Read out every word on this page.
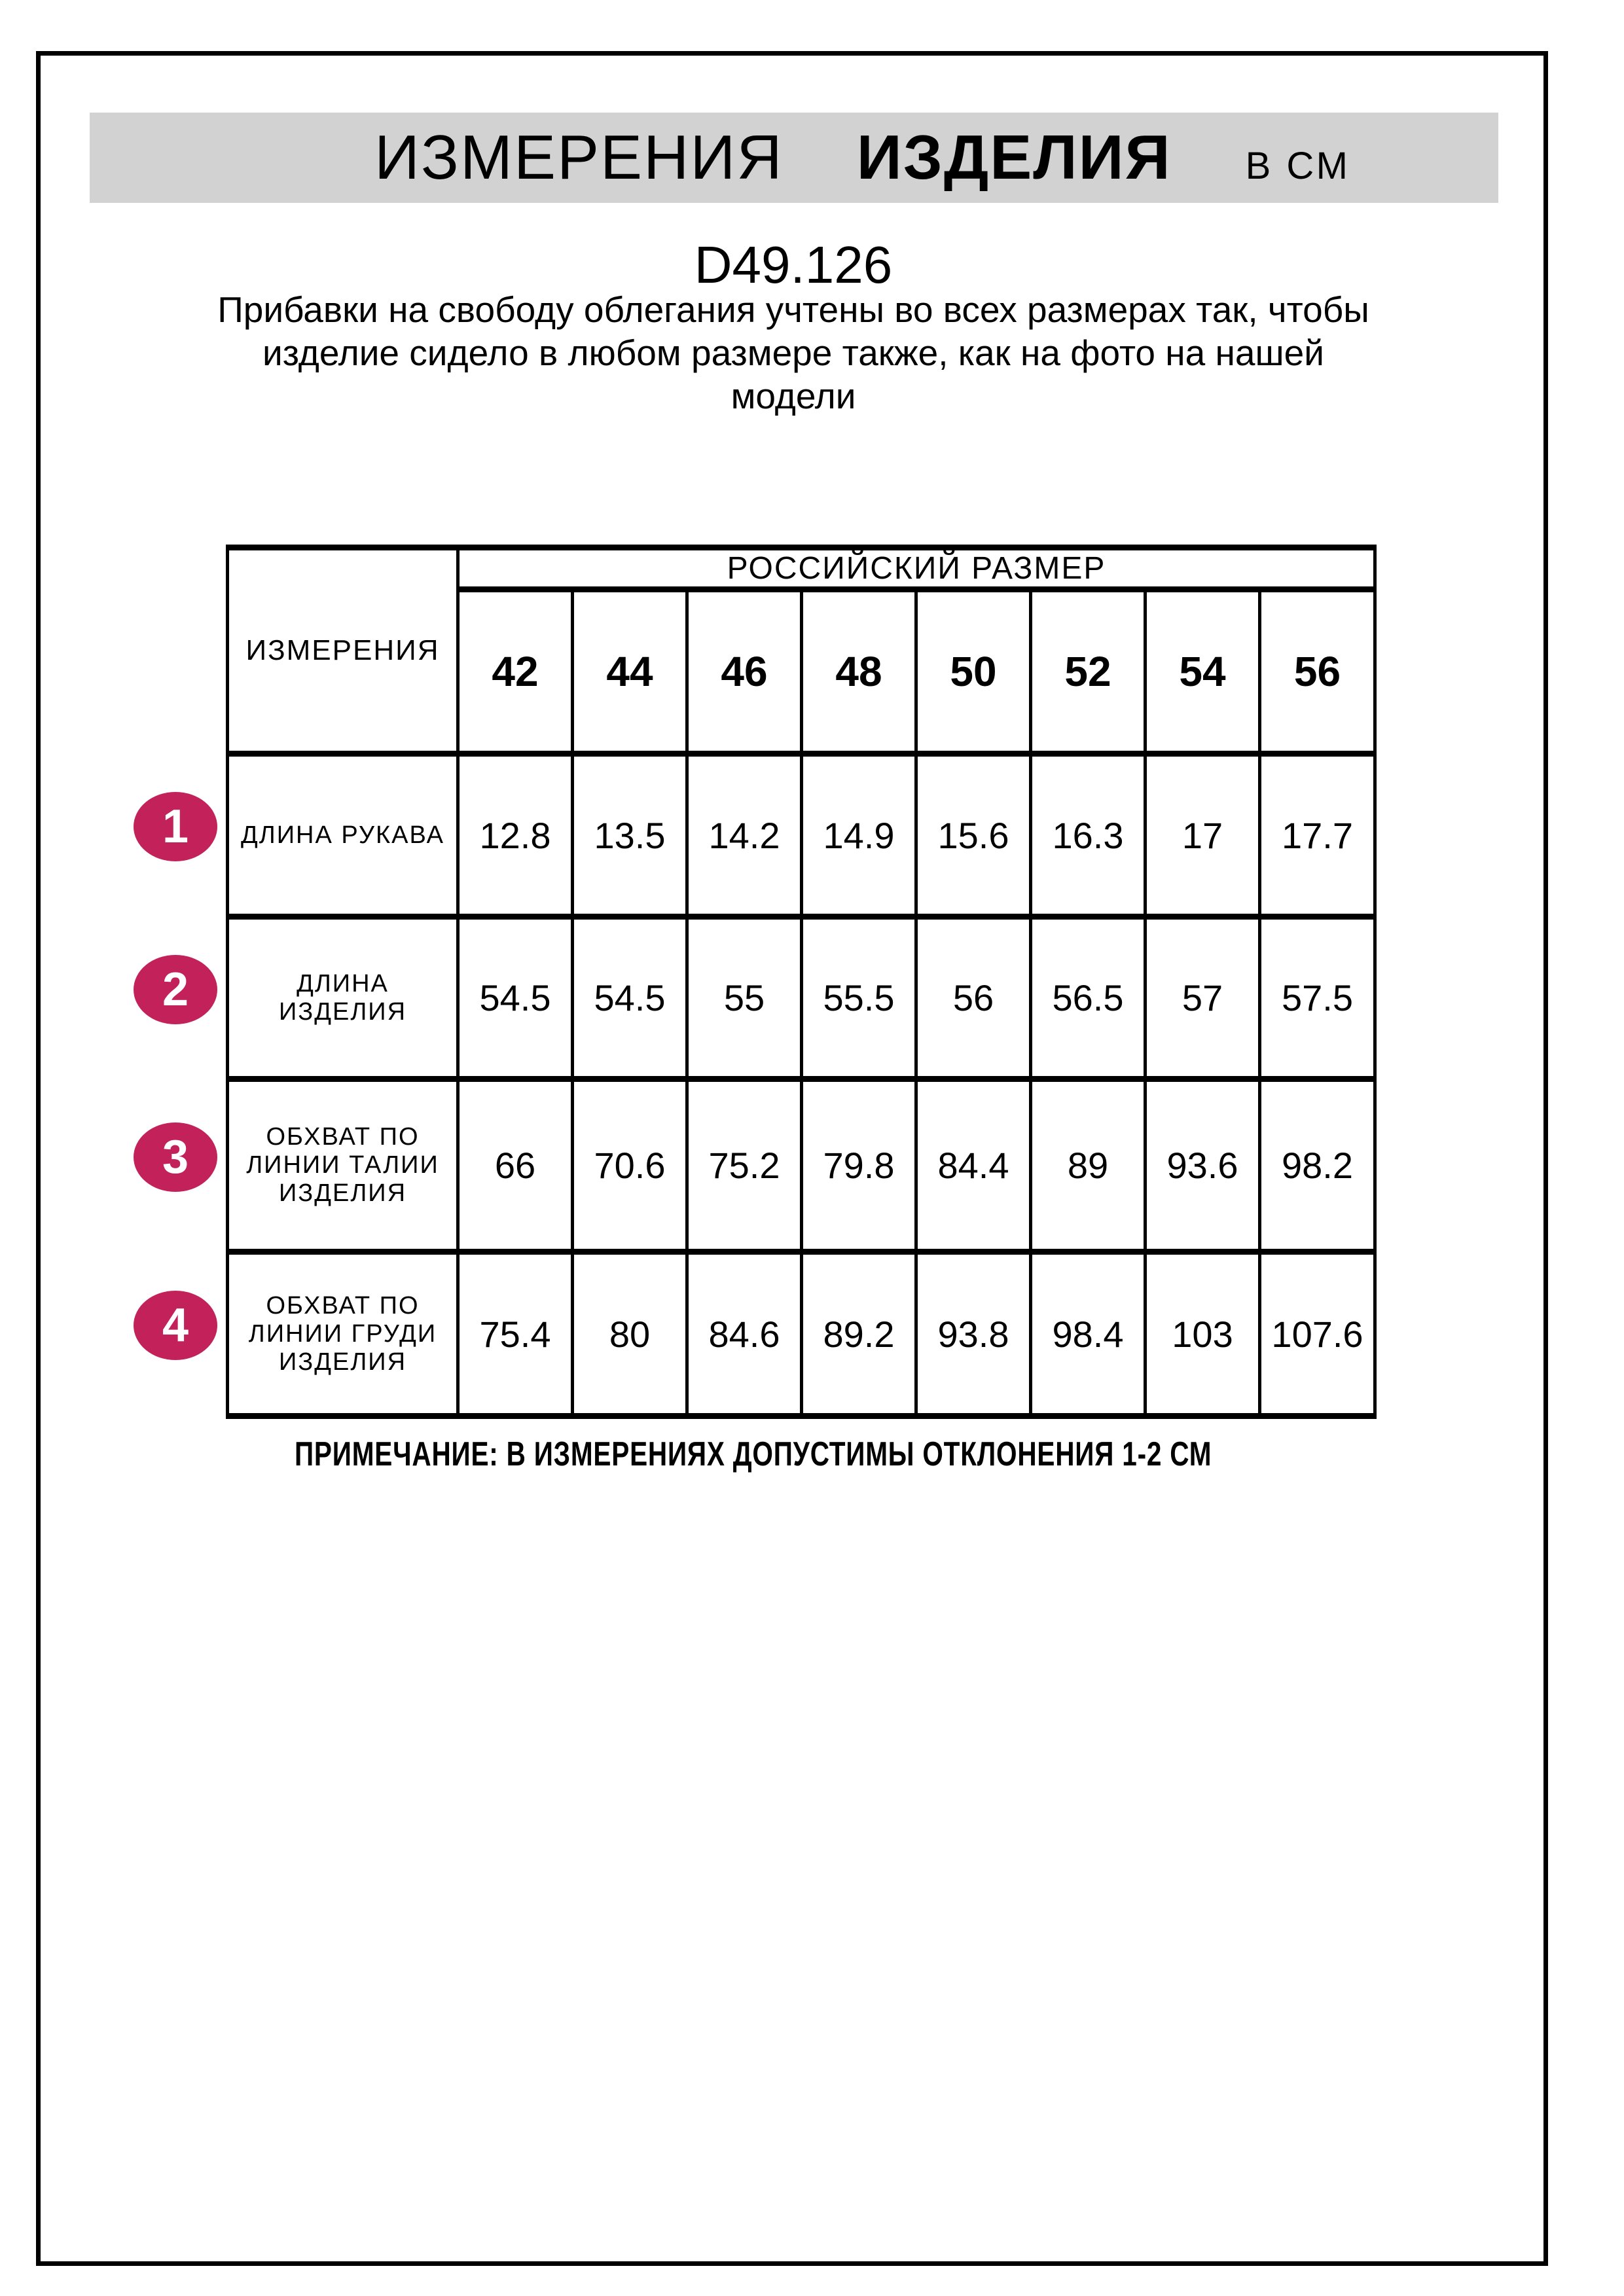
ИЗМЕРЕНИЯ ИЗДЕЛИЯ В СМ
D49.126
Прибавки на свободу облегания учтены во всех размерах так, чтобы
изделие сидело в любом размере также, как на фото на нашей
модели
ИЗМЕРЕНИЯ	РОССИЙСКИЙ РАЗМЕР							
	42	44	46	48	50	52	54	56
ДЛИНА РУКАВА	12.8	13.5	14.2	14.9	15.6	16.3	17	17.7
ДЛИНА ИЗДЕЛИЯ	54.5	54.5	55	55.5	56	56.5	57	57.5
ОБХВАТ ПО ЛИНИИ ТАЛИИ ИЗДЕЛИЯ	66	70.6	75.2	79.8	84.4	89	93.6	98.2
ОБХВАТ ПО ЛИНИИ ГРУДИ ИЗДЕЛИЯ	75.4	80	84.6	89.2	93.8	98.4	103	107.6
ПРИМЕЧАНИЕ: В ИЗМЕРЕНИЯХ ДОПУСТИМЫ ОТКЛОНЕНИЯ 1-2 СМ
1
2
3
4
